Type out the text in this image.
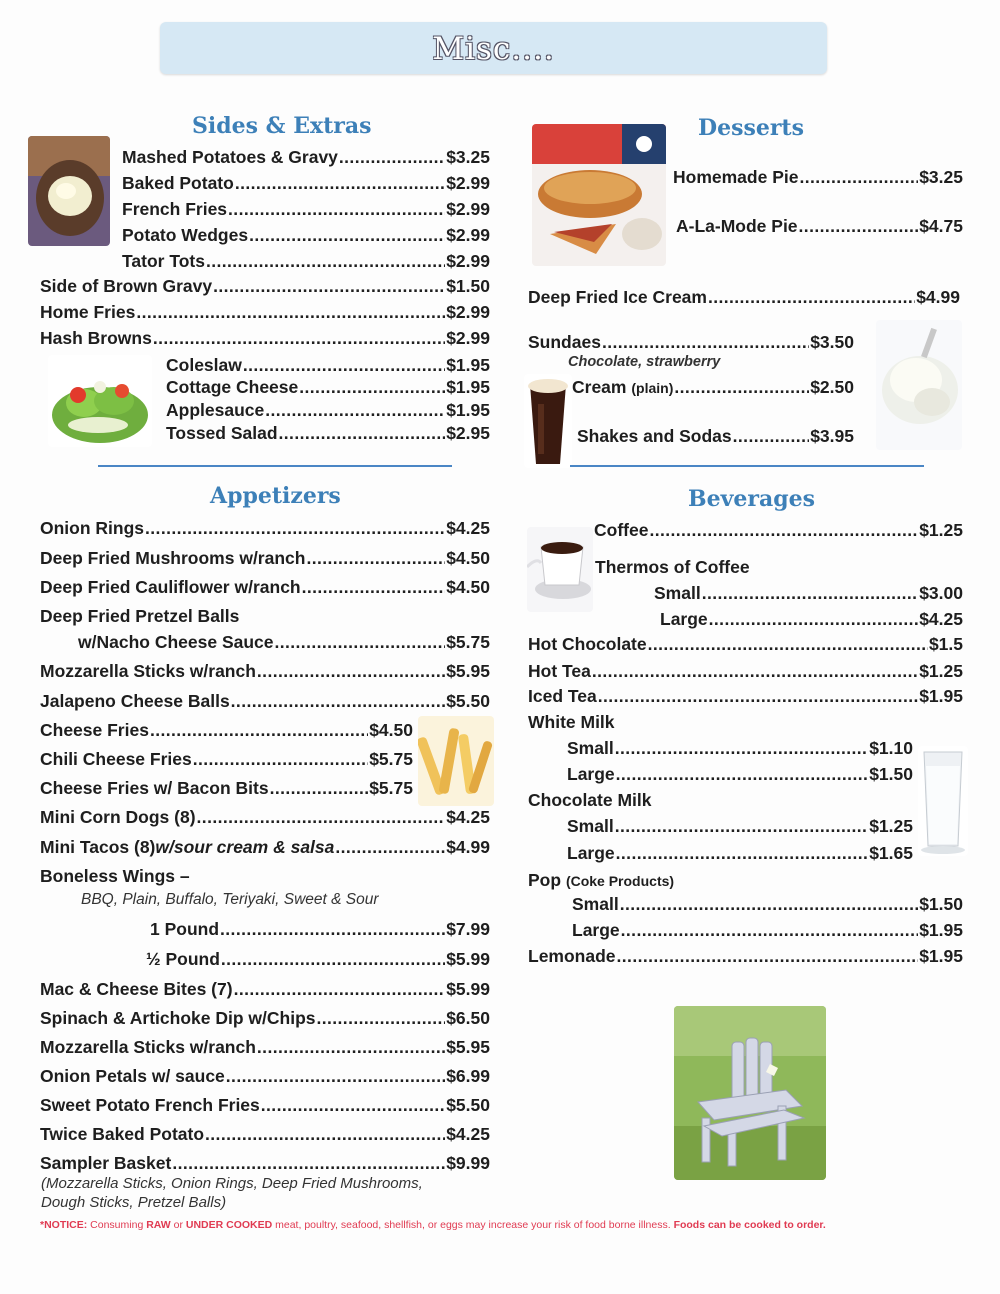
Misc....
Sides & Extras
Mashed Potatoes & Gravy .....	$3.25
Baked Potato .....	$2.99
French Fries .....	$2.99
Potato Wedges .....	$2.99
Tator Tots .....	$2.99
Side of Brown Gravy .....	$1.50
Home Fries .....	$2.99
Hash Browns .....	$2.99
Coleslaw .....	$1.95
Cottage Cheese .....	$1.95
Applesauce .....	$1.95
Tossed Salad .....	$2.95
Desserts
Homemade Pie .....	$3.25
A-La-Mode Pie .....	$4.75
Deep Fried Ice Cream .....	$4.99
Sundaes .....	$3.50
Chocolate, strawberry
Cream
(plain) .....	$2.50
Shakes and Sodas .....	$3.95
Appetizers
Onion Rings .....	$4.25
Deep Fried Mushrooms w/ranch .....	$4.50
Deep Fried Cauliflower w/ranch .....	$4.50
Deep Fried Pretzel Balls
w/Nacho Cheese Sauce .....	$5.75
Mozzarella Sticks w/ranch .....	$5.95
Jalapeno Cheese Balls .....	$5.50
Cheese Fries .....	$4.50
Chili Cheese Fries .....	$5.75
Cheese Fries w/ Bacon Bits .....	$5.75
Mini Corn Dogs (8) .....	$4.25
Mini Tacos (8) w/sour cream & salsa .....	$4.99
Boneless Wings –
BBQ, Plain, Buffalo, Teriyaki, Sweet & Sour
1 Pound .....	$7.99
½ Pound .....	$5.99
Mac & Cheese Bites (7) .....	$5.99
Spinach & Artichoke Dip w/Chips .....	$6.50
Mozzarella Sticks w/ranch .....	$5.95
Onion Petals w/ sauce .....	$6.99
Sweet Potato French Fries .....	$5.50
Twice Baked Potato .....	$4.25
Sampler Basket .....	$9.99
(Mozzarella Sticks, Onion Rings, Deep Fried Mushrooms,
Dough Sticks, Pretzel Balls)
Beverages
Coffee .....	$1.25
Thermos of Coffee
Small .....	$3.00
Large .....	$4.25
Hot Chocolate .....	$1.5
Hot Tea .....	$1.25
Iced Tea .....	$1.95
White Milk
Small .....	$1.10
Large .....	$1.50
Chocolate Milk
Small .....	$1.25
Large .....	$1.65
Pop
(Coke Products)
Small .....	$1.50
Large .....	$1.95
Lemonade .....	$1.95
*NOTICE: Consuming RAW or UNDER COOKED meat, poultry, seafood, shellfish, or eggs may increase your risk of food borne illness. Foods can be cooked to order.
